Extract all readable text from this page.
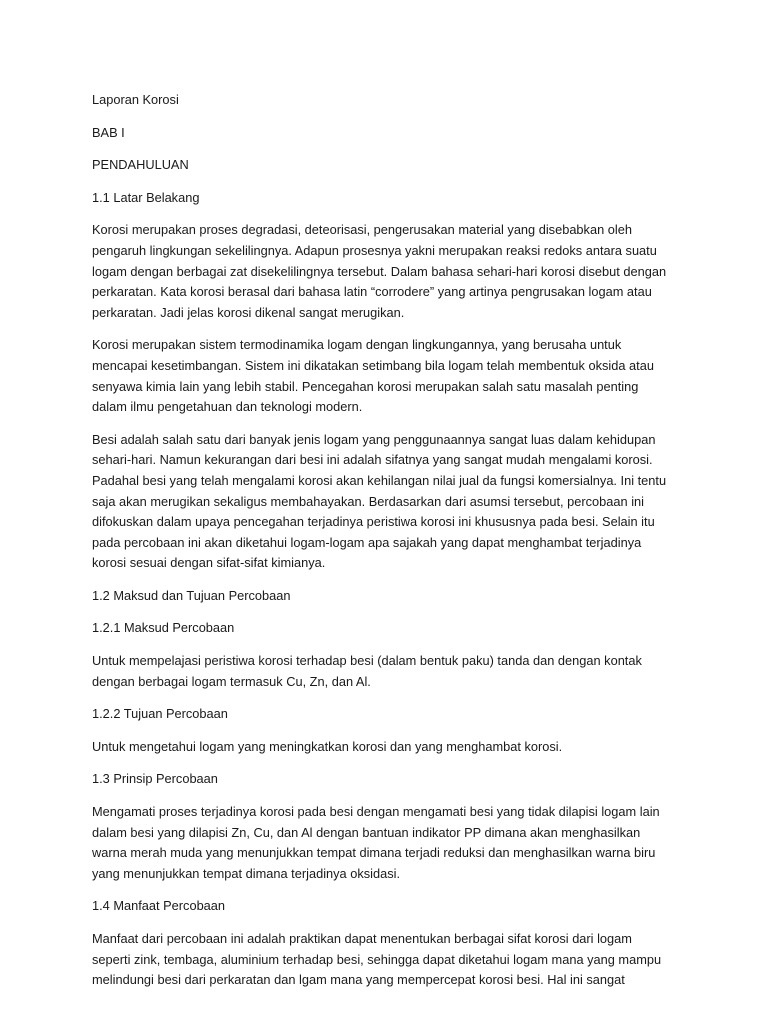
Laporan Korosi
BAB I
PENDAHULUAN
1.1 Latar Belakang
Korosi merupakan proses degradasi, deteorisasi, pengerusakan material yang disebabkan oleh
pengaruh lingkungan sekelilingnya. Adapun prosesnya yakni merupakan reaksi redoks antara suatu
logam dengan berbagai zat disekelilingnya tersebut. Dalam bahasa sehari-hari korosi disebut dengan
perkaratan. Kata korosi berasal dari bahasa latin “corrodere” yang artinya pengrusakan logam atau
perkaratan. Jadi jelas korosi dikenal sangat merugikan.
Korosi merupakan sistem termodinamika logam dengan lingkungannya, yang berusaha untuk
mencapai kesetimbangan. Sistem ini dikatakan setimbang bila logam telah membentuk oksida atau
senyawa kimia lain yang lebih stabil. Pencegahan korosi merupakan salah satu masalah penting
dalam ilmu pengetahuan dan teknologi modern.
Besi adalah salah satu dari banyak jenis logam yang penggunaannya sangat luas dalam kehidupan
sehari-hari. Namun kekurangan dari besi ini adalah sifatnya yang sangat mudah mengalami korosi.
Padahal besi yang telah mengalami korosi akan kehilangan nilai jual da fungsi komersialnya. Ini tentu
saja akan merugikan sekaligus membahayakan. Berdasarkan dari asumsi tersebut, percobaan ini
difokuskan dalam upaya pencegahan terjadinya peristiwa korosi ini khususnya pada besi. Selain itu
pada percobaan ini akan diketahui logam-logam apa sajakah yang dapat menghambat terjadinya
korosi sesuai dengan sifat-sifat kimianya.
1.2 Maksud dan Tujuan Percobaan
1.2.1 Maksud Percobaan
Untuk mempelajasi peristiwa korosi terhadap besi (dalam bentuk paku) tanda dan dengan kontak
dengan berbagai logam termasuk Cu, Zn, dan Al.
1.2.2 Tujuan Percobaan
Untuk mengetahui logam yang meningkatkan korosi dan yang menghambat korosi.
1.3 Prinsip Percobaan
Mengamati proses terjadinya korosi pada besi dengan mengamati besi yang tidak dilapisi logam lain
dalam besi yang dilapisi Zn, Cu, dan Al dengan bantuan indikator PP dimana akan menghasilkan
warna merah muda yang menunjukkan tempat dimana terjadi reduksi dan menghasilkan warna biru
yang menunjukkan tempat dimana terjadinya oksidasi.
1.4 Manfaat Percobaan
Manfaat dari percobaan ini adalah praktikan dapat menentukan berbagai sifat korosi dari logam
seperti zink, tembaga, aluminium terhadap besi, sehingga dapat diketahui logam mana yang mampu
melindungi besi dari perkaratan dan lgam mana yang mempercepat korosi besi. Hal ini sangat
